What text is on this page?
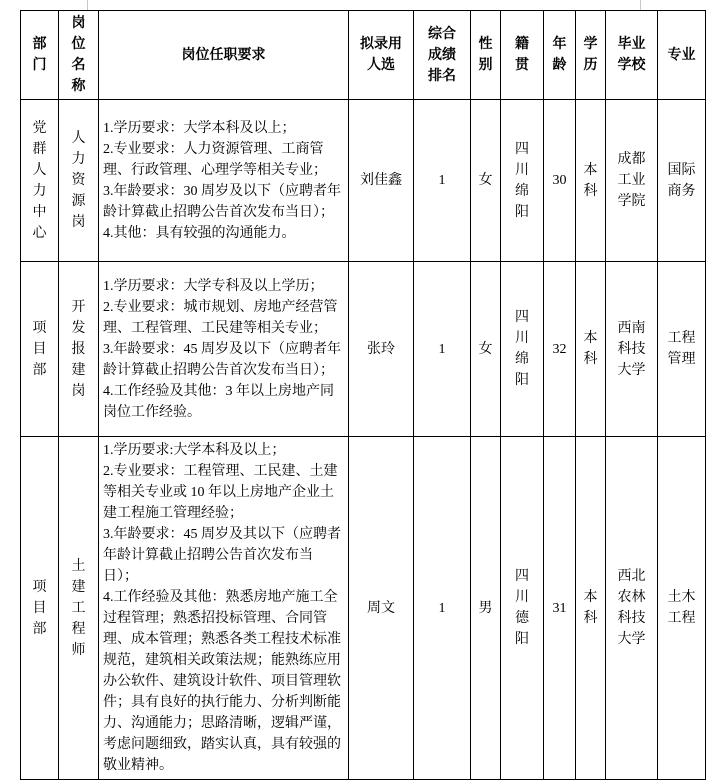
部门	岗位名称	岗位任职要求	拟录用人选	综合成绩排名	性别	籍贯	年龄	学历	毕业学校	专业

党群人力中心	人力资源岗	1.学历要求：大学本科及以上；
2.专业要求：人力资源管理、工商管理、行政管理、心理学等相关专业；
3.年龄要求：30 周岁及以下（应聘者年龄计算截止招聘公告首次发布当日）；
4.其他：具有较强的沟通能力。	刘佳鑫	1	女	四川绵阳	30	本科	成都工业学院	国际商务

项目部	开发报建岗	1.学历要求：大学专科及以上学历；
2.专业要求：城市规划、房地产经营管理、工程管理、工民建等相关专业；
3.年龄要求：45 周岁及以下（应聘者年龄计算截止招聘公告首次发布当日）；
4.工作经验及其他：3 年以上房地产同岗位工作经验。	张玲	1	女	四川绵阳	32	本科	西南科技大学	工程管理

项目部	土建工程师	1.学历要求:大学本科及以上；
2.专业要求：工程管理、工民建、土建等相关专业或 10 年以上房地产企业土建工程施工管理经验；
3.年龄要求：45 周岁及其以下（应聘者年龄计算截止招聘公告首次发布当日）；
4.工作经验及其他：熟悉房地产施工全过程管理；熟悉招投标管理、合同管理、成本管理；熟悉各类工程技术标准规范，建筑相关政策法规；能熟练应用办公软件、建筑设计软件、项目管理软件；具有良好的执行能力、分析判断能力、沟通能力；思路清晰，逻辑严谨，考虑问题细致，踏实认真，具有较强的敬业精神。	周文	1	男	四川德阳	31	本科	西北农林科技大学	土木工程
